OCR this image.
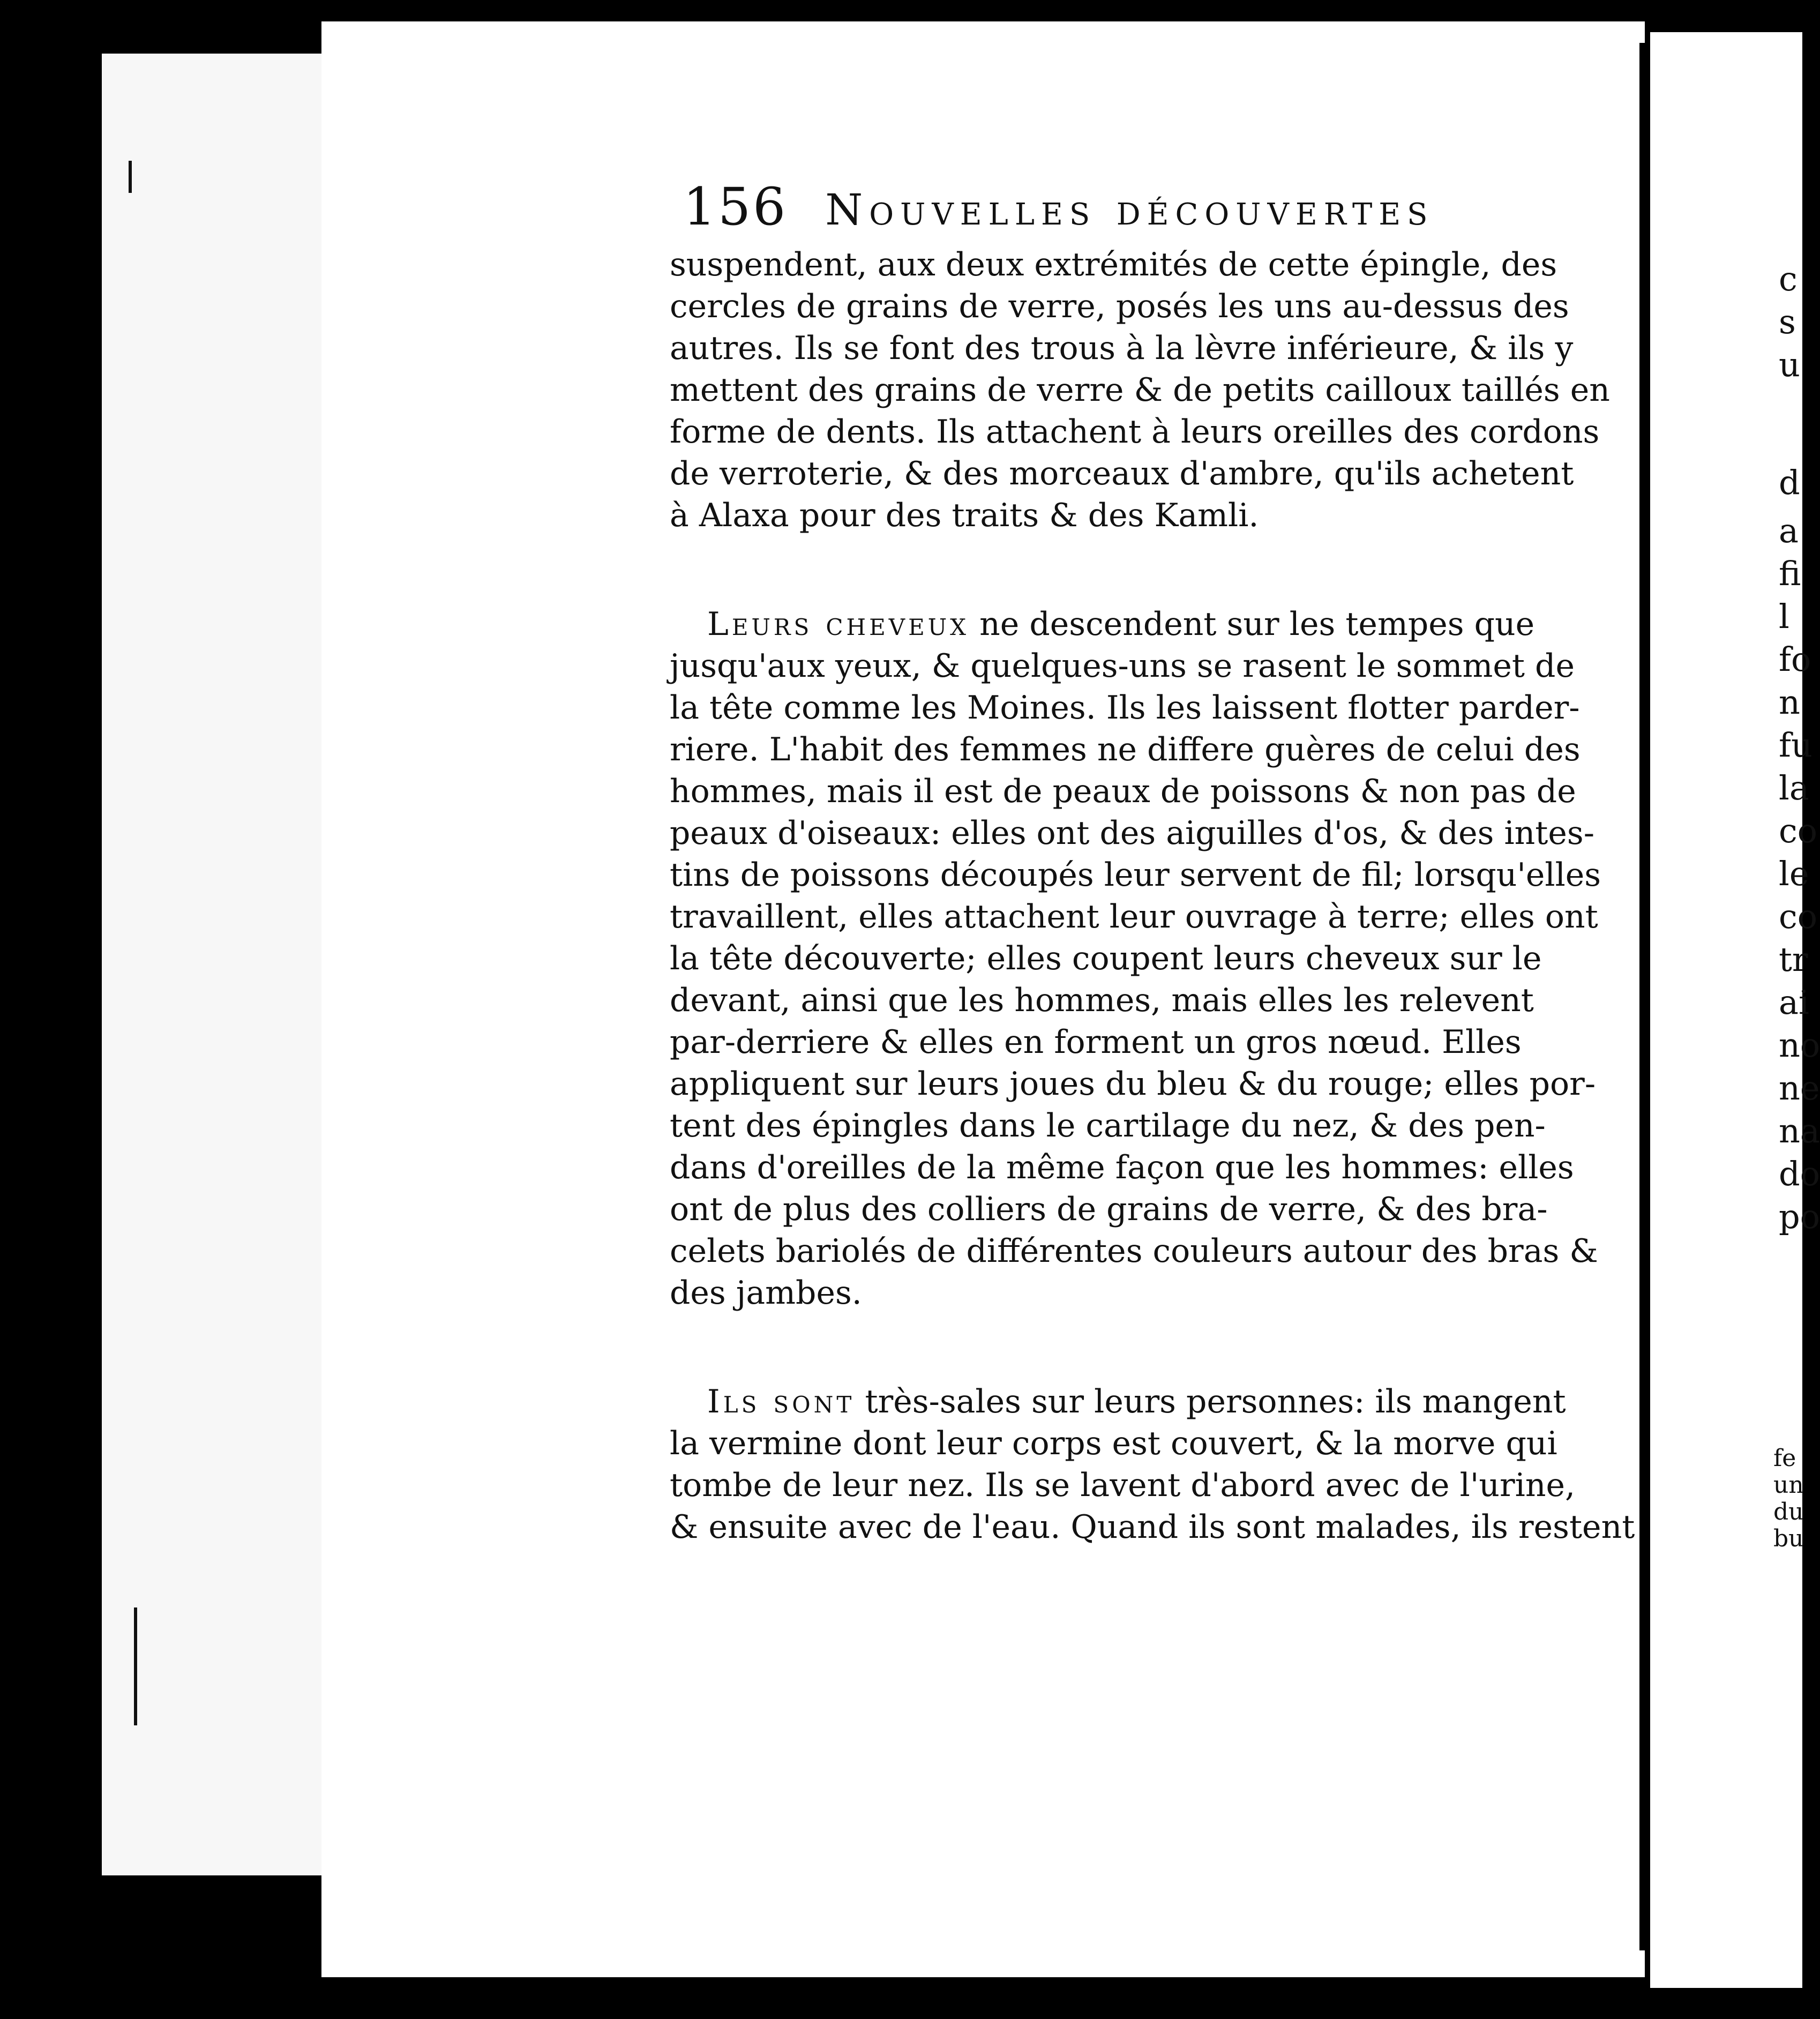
c
s
u
d
a
fi
l
fo
n
fu
la
co
le
co
tr
ai
no
ne
na
do
po
fe
un
du
bu
156 Nouvelles découvertes
suspendent, aux deux extrémités de cette épingle, des
cercles de grains de verre, posés les uns au-dessus des
autres. Ils se font des trous à la lèvre inférieure, & ils y
mettent des grains de verre & de petits cailloux taillés en
forme de dents. Ils attachent à leurs oreilles des cordons
de verroterie, & des morceaux d'ambre, qu'ils achetent
à Alaxa pour des traits & des Kamli.
Leurs cheveux ne descendent sur les tempes que
jusqu'aux yeux, & quelques-uns se rasent le sommet de
la tête comme les Moines. Ils les laissent flotter parder-
riere. L'habit des femmes ne differe guères de celui des
hommes, mais il est de peaux de poissons & non pas de
peaux d'oiseaux: elles ont des aiguilles d'os, & des intes-
tins de poissons découpés leur servent de fil; lorsqu'elles
travaillent, elles attachent leur ouvrage à terre; elles ont
la tête découverte; elles coupent leurs cheveux sur le
devant, ainsi que les hommes, mais elles les relevent
par-derriere & elles en forment un gros nœud. Elles
appliquent sur leurs joues du bleu & du rouge; elles por-
tent des épingles dans le cartilage du nez, & des pen-
dans d'oreilles de la même façon que les hommes: elles
ont de plus des colliers de grains de verre, & des bra-
celets bariolés de différentes couleurs autour des bras &
des jambes.
Ils sont très-sales sur leurs personnes: ils mangent
la vermine dont leur corps est couvert, & la morve qui
tombe de leur nez. Ils se lavent d'abord avec de l'urine,
& ensuite avec de l'eau. Quand ils sont malades, ils restent
